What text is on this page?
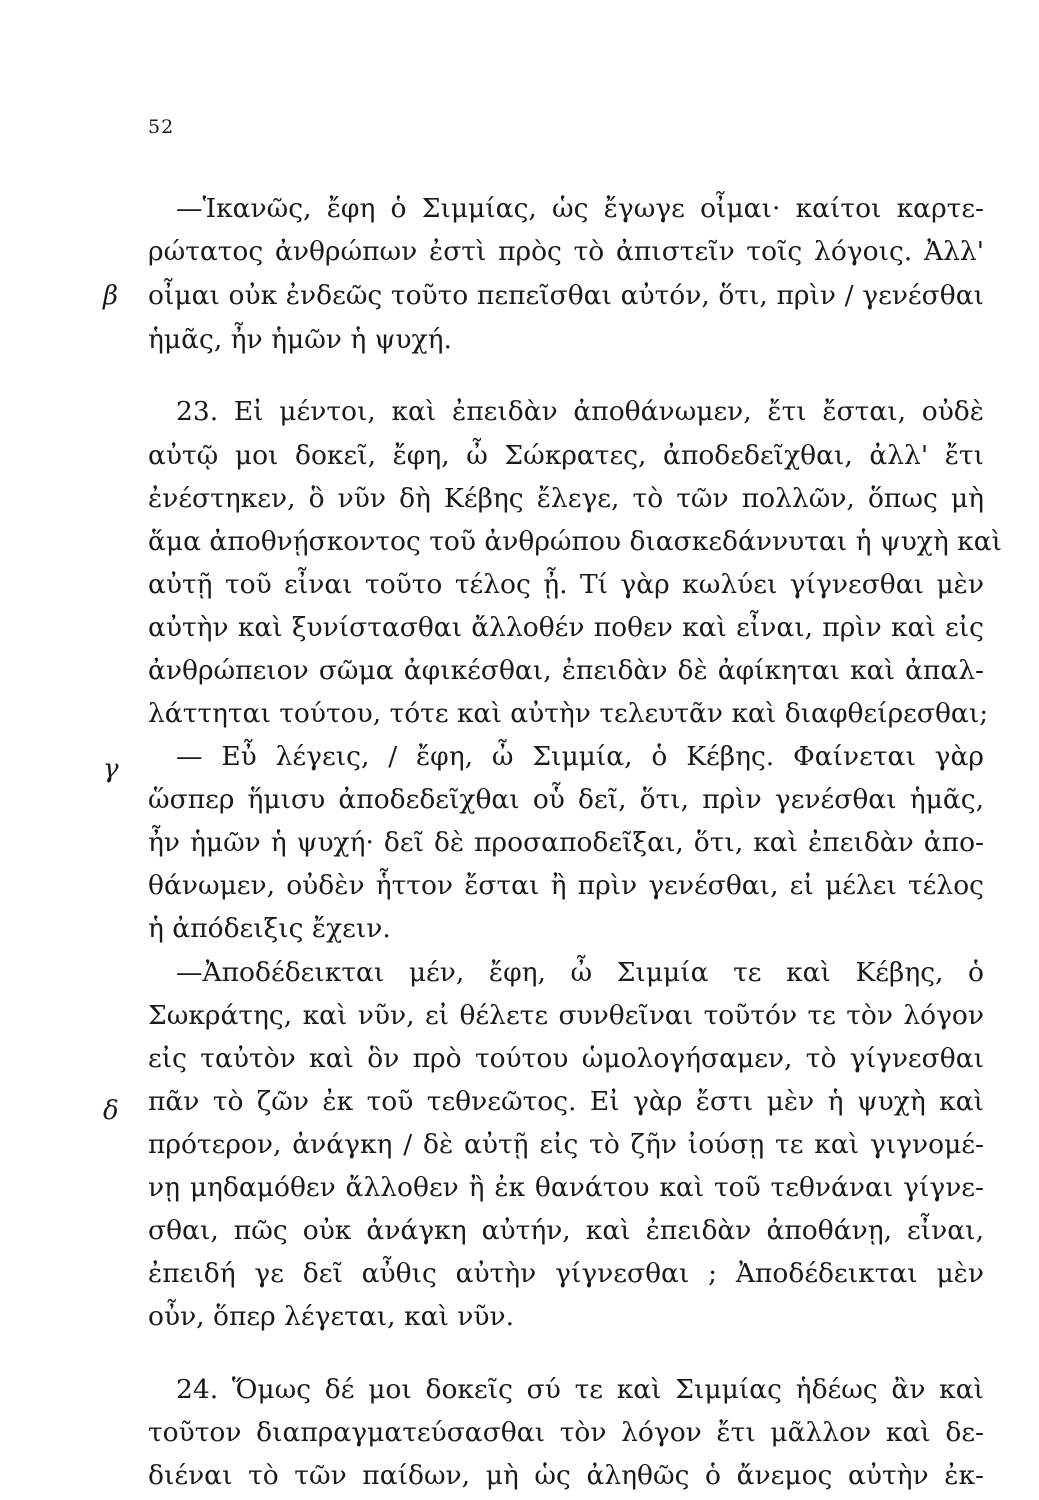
52
β
γ
δ
—Ἱκανῶς, ἔφη ὁ Σιμμίας, ὡς ἔγωγε οἶμαι· καίτοι καρτε-
ρώτατος ἀνθρώπων ἐστὶ πρὸς τὸ ἀπιστεῖν τοῖς λόγοις. Ἀλλ'
οἶμαι οὐκ ἐνδεῶς τοῦτο πεπεῖσθαι αὐτόν, ὅτι, πρὶν / γενέσθαι
ἡμᾶς, ἦν ἡμῶν ἡ ψυχή.
23. Εἰ μέντοι, καὶ ἐπειδὰν ἀποθάνωμεν, ἔτι ἔσται, οὐδὲ
αὐτῷ μοι δοκεῖ, ἔφη, ὦ Σώκρατες, ἀποδεδεῖχθαι, ἀλλ' ἔτι
ἐνέστηκεν, ὃ νῦν δὴ Κέβης ἔλεγε, τὸ τῶν πολλῶν, ὅπως μὴ
ἅμα ἀποθνῄσκοντος τοῦ ἀνθρώπου διασκεδάννυται ἡ ψυχὴ καὶ
αὐτῇ τοῦ εἶναι τοῦτο τέλος ᾖ. Τί γὰρ κωλύει γίγνεσθαι μὲν
αὐτὴν καὶ ξυνίστασθαι ἄλλοθέν ποθεν καὶ εἶναι, πρὶν καὶ εἰς
ἀνθρώπειον σῶμα ἀφικέσθαι, ἐπειδὰν δὲ ἀφίκηται καὶ ἀπαλ-
λάττηται τούτου, τότε καὶ αὐτὴν τελευτᾶν καὶ διαφθείρεσθαι;
— Εὖ λέγεις, / ἔφη, ὦ Σιμμία, ὁ Κέβης. Φαίνεται γὰρ
ὥσπερ ἥμισυ ἀποδεδεῖχθαι οὗ δεῖ, ὅτι, πρὶν γενέσθαι ἡμᾶς,
ἦν ἡμῶν ἡ ψυχή· δεῖ δὲ προσαποδεῖξαι, ὅτι, καὶ ἐπειδὰν ἀπο-
θάνωμεν, οὐδὲν ἧττον ἔσται ἢ πρὶν γενέσθαι, εἰ μέλει τέλος
ἡ ἀπόδειξις ἔχειν.
—Ἀποδέδεικται μέν, ἔφη, ὦ Σιμμία τε καὶ Κέβης, ὁ
Σωκράτης, καὶ νῦν, εἰ θέλετε συνθεῖναι τοῦτόν τε τὸν λόγον
εἰς ταὐτὸν καὶ ὃν πρὸ τούτου ὡμολογήσαμεν, τὸ γίγνεσθαι
πᾶν τὸ ζῶν ἐκ τοῦ τεθνεῶτος. Εἰ γὰρ ἔστι μὲν ἡ ψυχὴ καὶ
πρότερον, ἀνάγκη / δὲ αὐτῇ εἰς τὸ ζῆν ἰούσῃ τε καὶ γιγνομέ-
νῃ μηδαμόθεν ἄλλοθεν ἢ ἐκ θανάτου καὶ τοῦ τεθνάναι γίγνε-
σθαι, πῶς οὐκ ἀνάγκη αὐτήν, καὶ ἐπειδὰν ἀποθάνῃ, εἶναι,
ἐπειδή γε δεῖ αὖθις αὐτὴν γίγνεσθαι ; Ἀποδέδεικται μὲν
οὖν, ὅπερ λέγεται, καὶ νῦν.
24. Ὅμως δέ μοι δοκεῖς σύ τε καὶ Σιμμίας ἡδέως ἂν καὶ
τοῦτον διαπραγματεύσασθαι τὸν λόγον ἔτι μᾶλλον καὶ δε-
διέναι τὸ τῶν παίδων, μὴ ὡς ἀληθῶς ὁ ἄνεμος αὐτὴν ἐκ-
